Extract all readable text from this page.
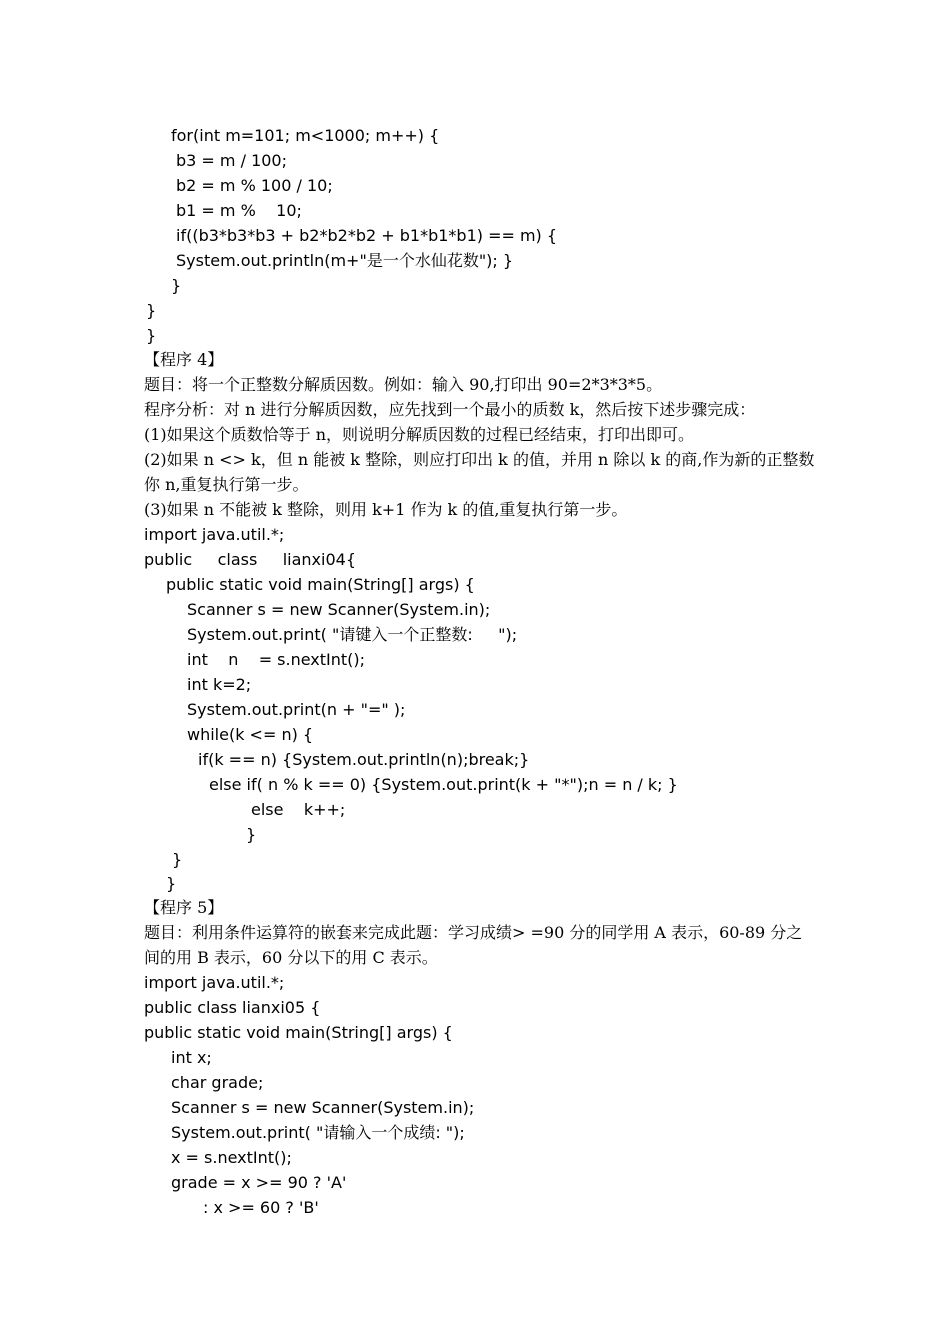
for(int m=101; m<1000; m++) {
b3 = m / 100;
b2 = m % 100 / 10;
b1 = m %    10;
if((b3*b3*b3 + b2*b2*b2 + b1*b1*b1) == m) {
System.out.println(m+"是一个水仙花数"); }
}
}
}
【程序 4】
题目：将一个正整数分解质因数。例如：输入 90,打印出 90=2*3*3*5。
程序分析：对 n 进行分解质因数，应先找到一个最小的质数 k，然后按下述步骤完成：
(1)如果这个质数恰等于 n，则说明分解质因数的过程已经结束，打印出即可。
(2)如果 n <> k，但 n 能被 k 整除，则应打印出 k 的值，并用 n 除以 k 的商,作为新的正整数
你 n,重复执行第一步。
(3)如果 n 不能被 k 整除，则用 k+1 作为 k 的值,重复执行第一步。
import java.util.*;
public     class     lianxi04{
public static void main(String[] args) {
Scanner s = new Scanner(System.in);
System.out.print( "请键入一个正整数:     ");
int    n    = s.nextInt();
int k=2;
System.out.print(n + "=" );
while(k <= n) {
if(k == n) {System.out.println(n);break;}
else if( n % k == 0) {System.out.print(k + "*");n = n / k; }
else    k++;
}
}
}
【程序 5】
题目：利用条件运算符的嵌套来完成此题：学习成绩> =90 分的同学用 A 表示，60-89 分之
间的用 B 表示，60 分以下的用 C 表示。
import java.util.*;
public class lianxi05 {
public static void main(String[] args) {
int x;
char grade;
Scanner s = new Scanner(System.in);
System.out.print( "请输入一个成绩: ");
x = s.nextInt();
grade = x >= 90 ? 'A'
: x >= 60 ? 'B'
